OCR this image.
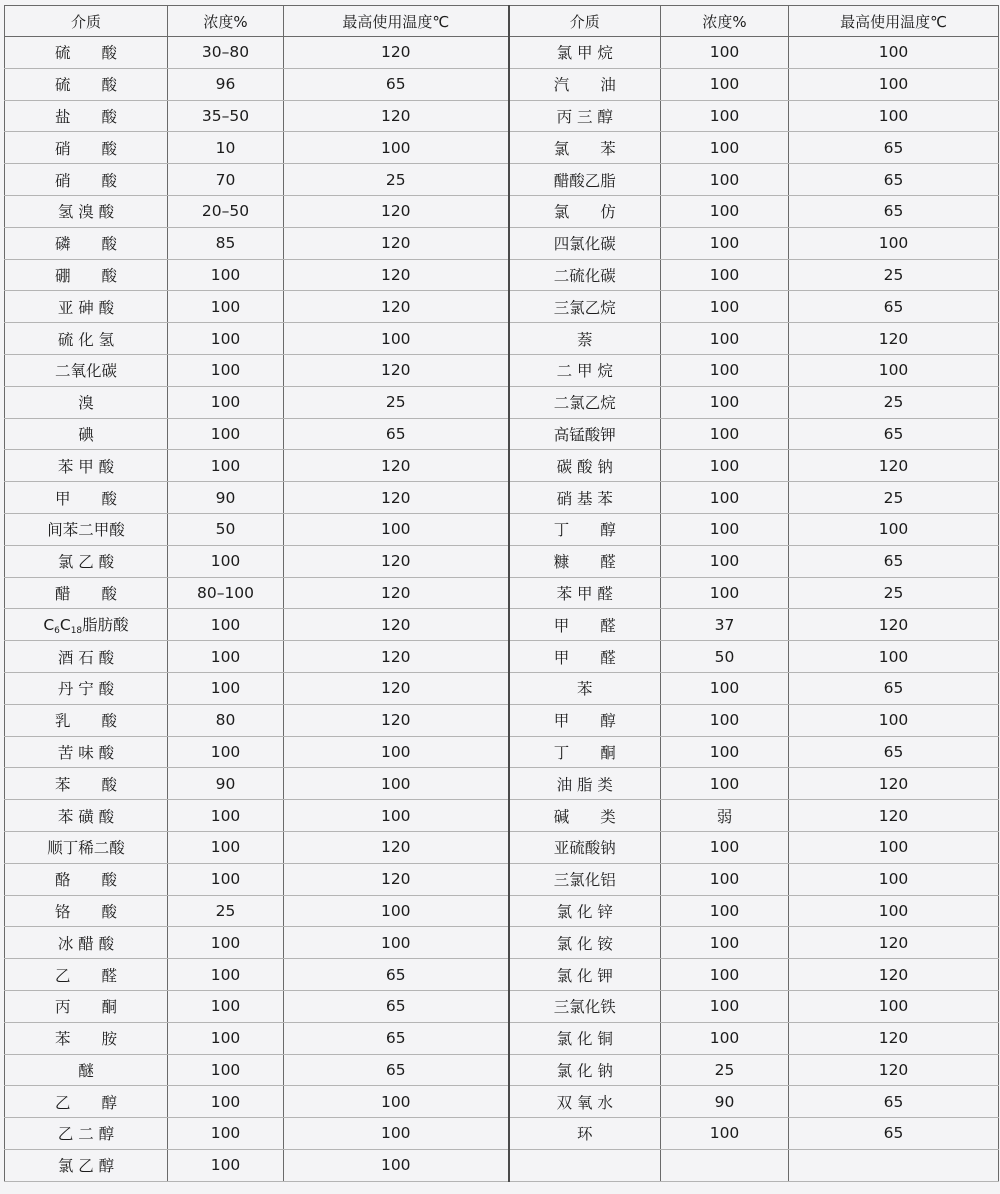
介质	浓度%	最高使用温度℃	介质	浓度%	最高使用温度℃
硫　　酸	30–80	120	氯 甲 烷	100	100
硫　　酸	96	65	汽　　油	100	100
盐　　酸	35–50	120	丙 三 醇	100	100
硝　　酸	10	100	氯　　苯	100	65
硝　　酸	70	25	醋酸乙脂	100	65
氢 溴 酸	20–50	120	氯　　仿	100	65
磷　　酸	85	120	四氯化碳	100	100
硼　　酸	100	120	二硫化碳	100	25
亚 砷 酸	100	120	三氯乙烷	100	65
硫 化 氢	100	100	萘	100	120
二氧化碳	100	120	二 甲 烷	100	100
溴	100	25	二氯乙烷	100	25
碘	100	65	高锰酸钾	100	65
苯 甲 酸	100	120	碳 酸 钠	100	120
甲　　酸	90	120	硝 基 苯	100	25
间苯二甲酸	50	100	丁　　醇	100	100
氯 乙 酸	100	120	糠　　醛	100	65
醋　　酸	80–100	120	苯 甲 醛	100	25
$C_6C_{18}$脂肪酸	100	120	甲　　醛	37	120
酒 石 酸	100	120	甲　　醛	50	100
丹 宁 酸	100	120	苯	100	65
乳　　酸	80	120	甲　　醇	100	100
苦 味 酸	100	100	丁　　酮	100	65
苯　　酸	90	100	油 脂 类	100	120
苯 磺 酸	100	100	碱　　类	弱	120
顺丁稀二酸	100	120	亚硫酸钠	100	100
酪　　酸	100	120	三氯化铝	100	100
铬　　酸	25	100	氯 化 锌	100	100
冰 醋 酸	100	100	氯 化 铵	100	120
乙　　醛	100	65	氯 化 钾	100	120
丙　　酮	100	65	三氯化铁	100	100
苯　　胺	100	65	氯 化 铜	100	120
醚	100	65	氯 化 钠	25	120
乙　　醇	100	100	双 氧 水	90	65
乙 二 醇	100	100	环	100	65
氯 乙 醇	100	100			
